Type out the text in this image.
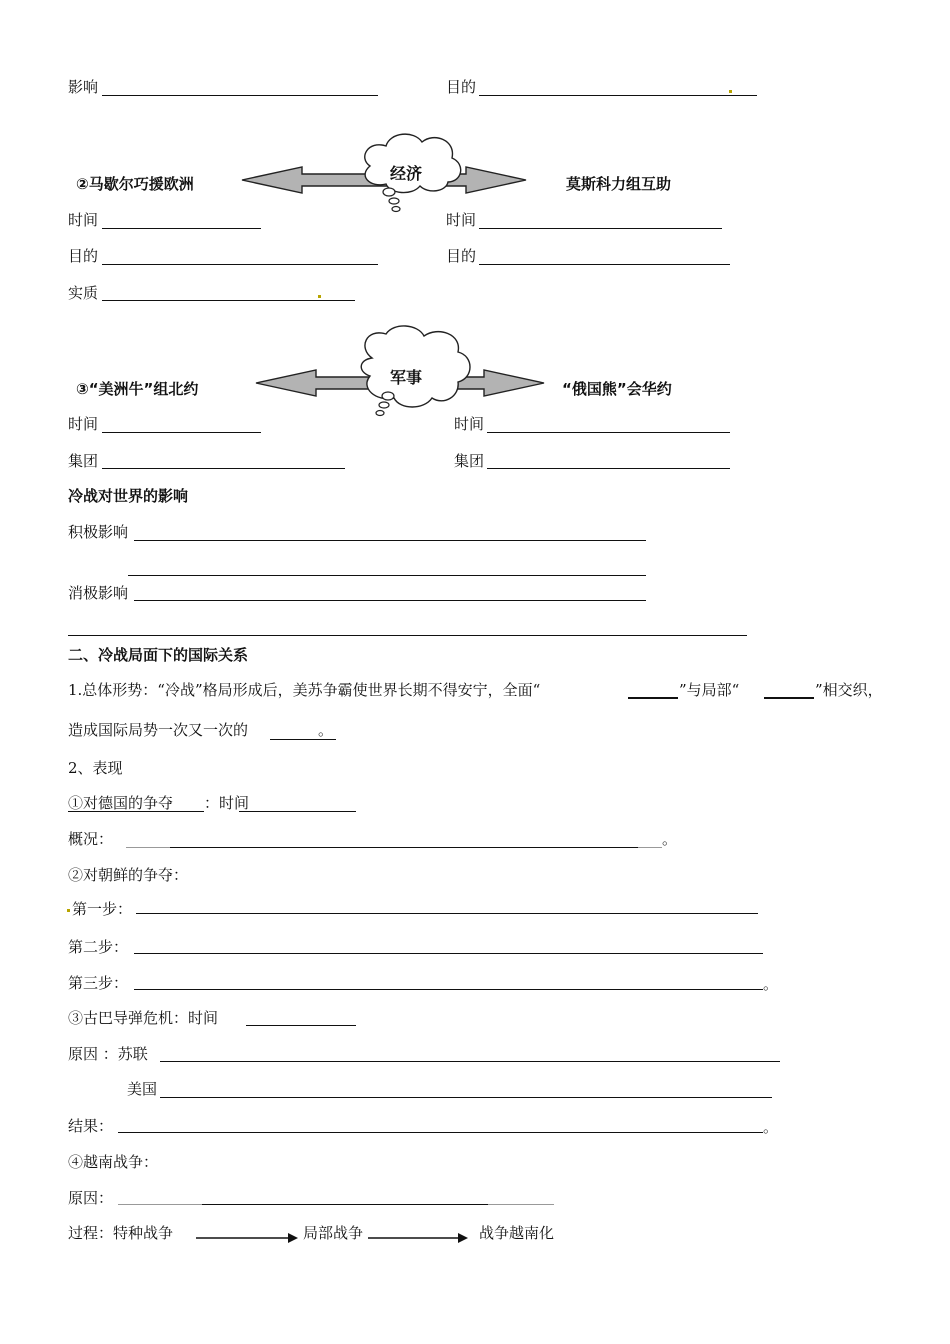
影响	目的
经济
②马歇尔巧援欧洲	莫斯科力组互助
时间	时间
目的	目的
实质
军事
③“美洲牛”组北约	“俄国熊”会华约
时间	时间
集团	集团
冷战对世界的影响
积极影响
消极影响
二、冷战局面下的国际关系
1.总体形势：“冷战”格局形成后，美苏争霸使世界长期不得安宁，全面“	”与局部“	”相交织，
造成国际局势一次又一次的	。
2、表现
①对德国的争夺 ：时间
概况：	。
②对朝鲜的争夺：
第一步：
第二步：
第三步：	。
③古巴导弹危机：时间
原因 ：苏联
美国
结果：	。
④越南战争：
原因：
过程：特种战争	局部战争	战争越南化
